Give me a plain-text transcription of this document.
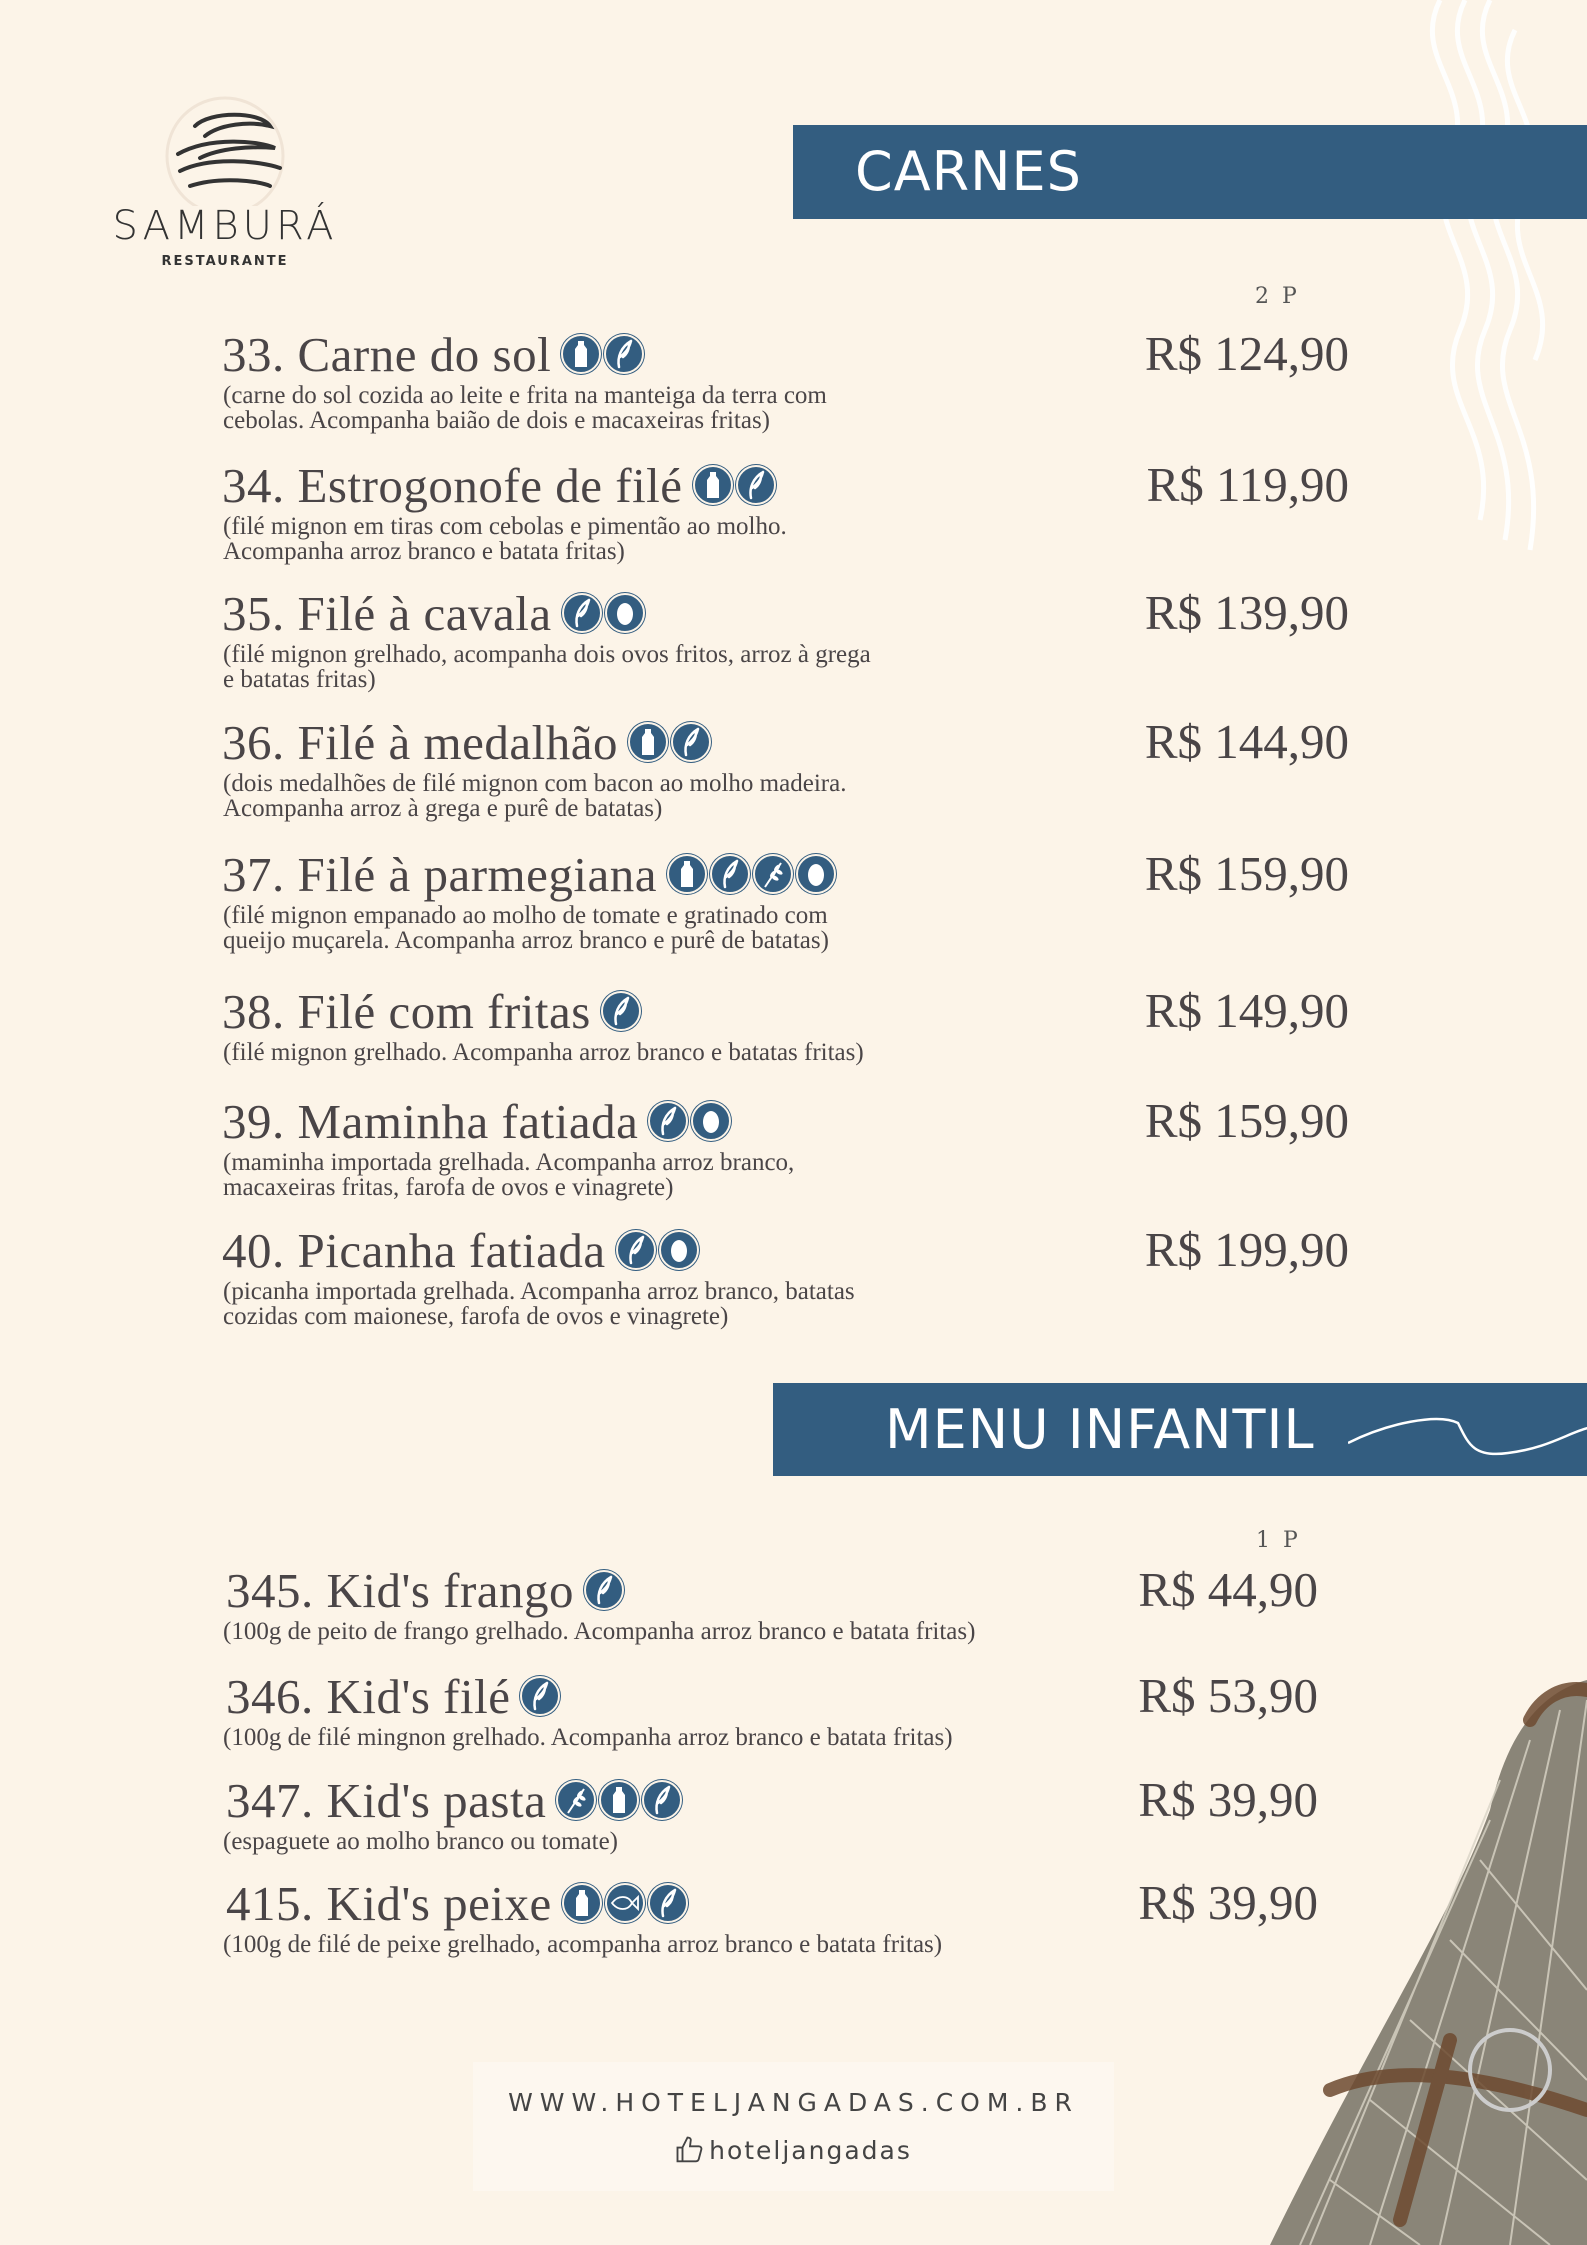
SAMBURÁ
RESTAURANTE
CARNES
2 P
33. Carne do sol
(carne do sol cozida ao leite e frita na manteiga da terra com
cebolas. Acompanha baião de dois e macaxeiras fritas)
R$ 124,90
34. Estrogonofe de filé
(filé mignon em tiras com cebolas e pimentão ao molho.
Acompanha arroz branco e batata fritas)
R$ 119,90
35. Filé à cavala
(filé mignon grelhado, acompanha dois ovos fritos, arroz à grega
e batatas fritas)
R$ 139,90
36. Filé à medalhão
(dois medalhões de filé mignon com bacon ao molho madeira.
Acompanha arroz à grega e purê de batatas)
R$ 144,90
37. Filé à parmegiana
(filé mignon empanado ao molho de tomate e gratinado com
queijo muçarela. Acompanha arroz branco e purê de batatas)
R$ 159,90
38. Filé com fritas
(filé mignon grelhado. Acompanha arroz branco e batatas fritas)
R$ 149,90
39. Maminha fatiada
(maminha importada grelhada. Acompanha arroz branco,
macaxeiras fritas, farofa de ovos e vinagrete)
R$ 159,90
40. Picanha fatiada
(picanha importada grelhada. Acompanha arroz branco, batatas
cozidas com maionese, farofa de ovos e vinagrete)
R$ 199,90
MENU INFANTIL
1 P
345. Kid's frango
(100g de peito de frango grelhado. Acompanha arroz branco e batata fritas)
R$ 44,90
346. Kid's filé
(100g de filé mingnon grelhado. Acompanha arroz branco e batata fritas)
R$ 53,90
347. Kid's pasta
(espaguete ao molho branco ou tomate)
R$ 39,90
415. Kid's peixe
(100g de filé de peixe grelhado, acompanha arroz branco e batata fritas)
R$ 39,90
WWW.HOTELJANGADAS.COM.BR
hoteljangadas
